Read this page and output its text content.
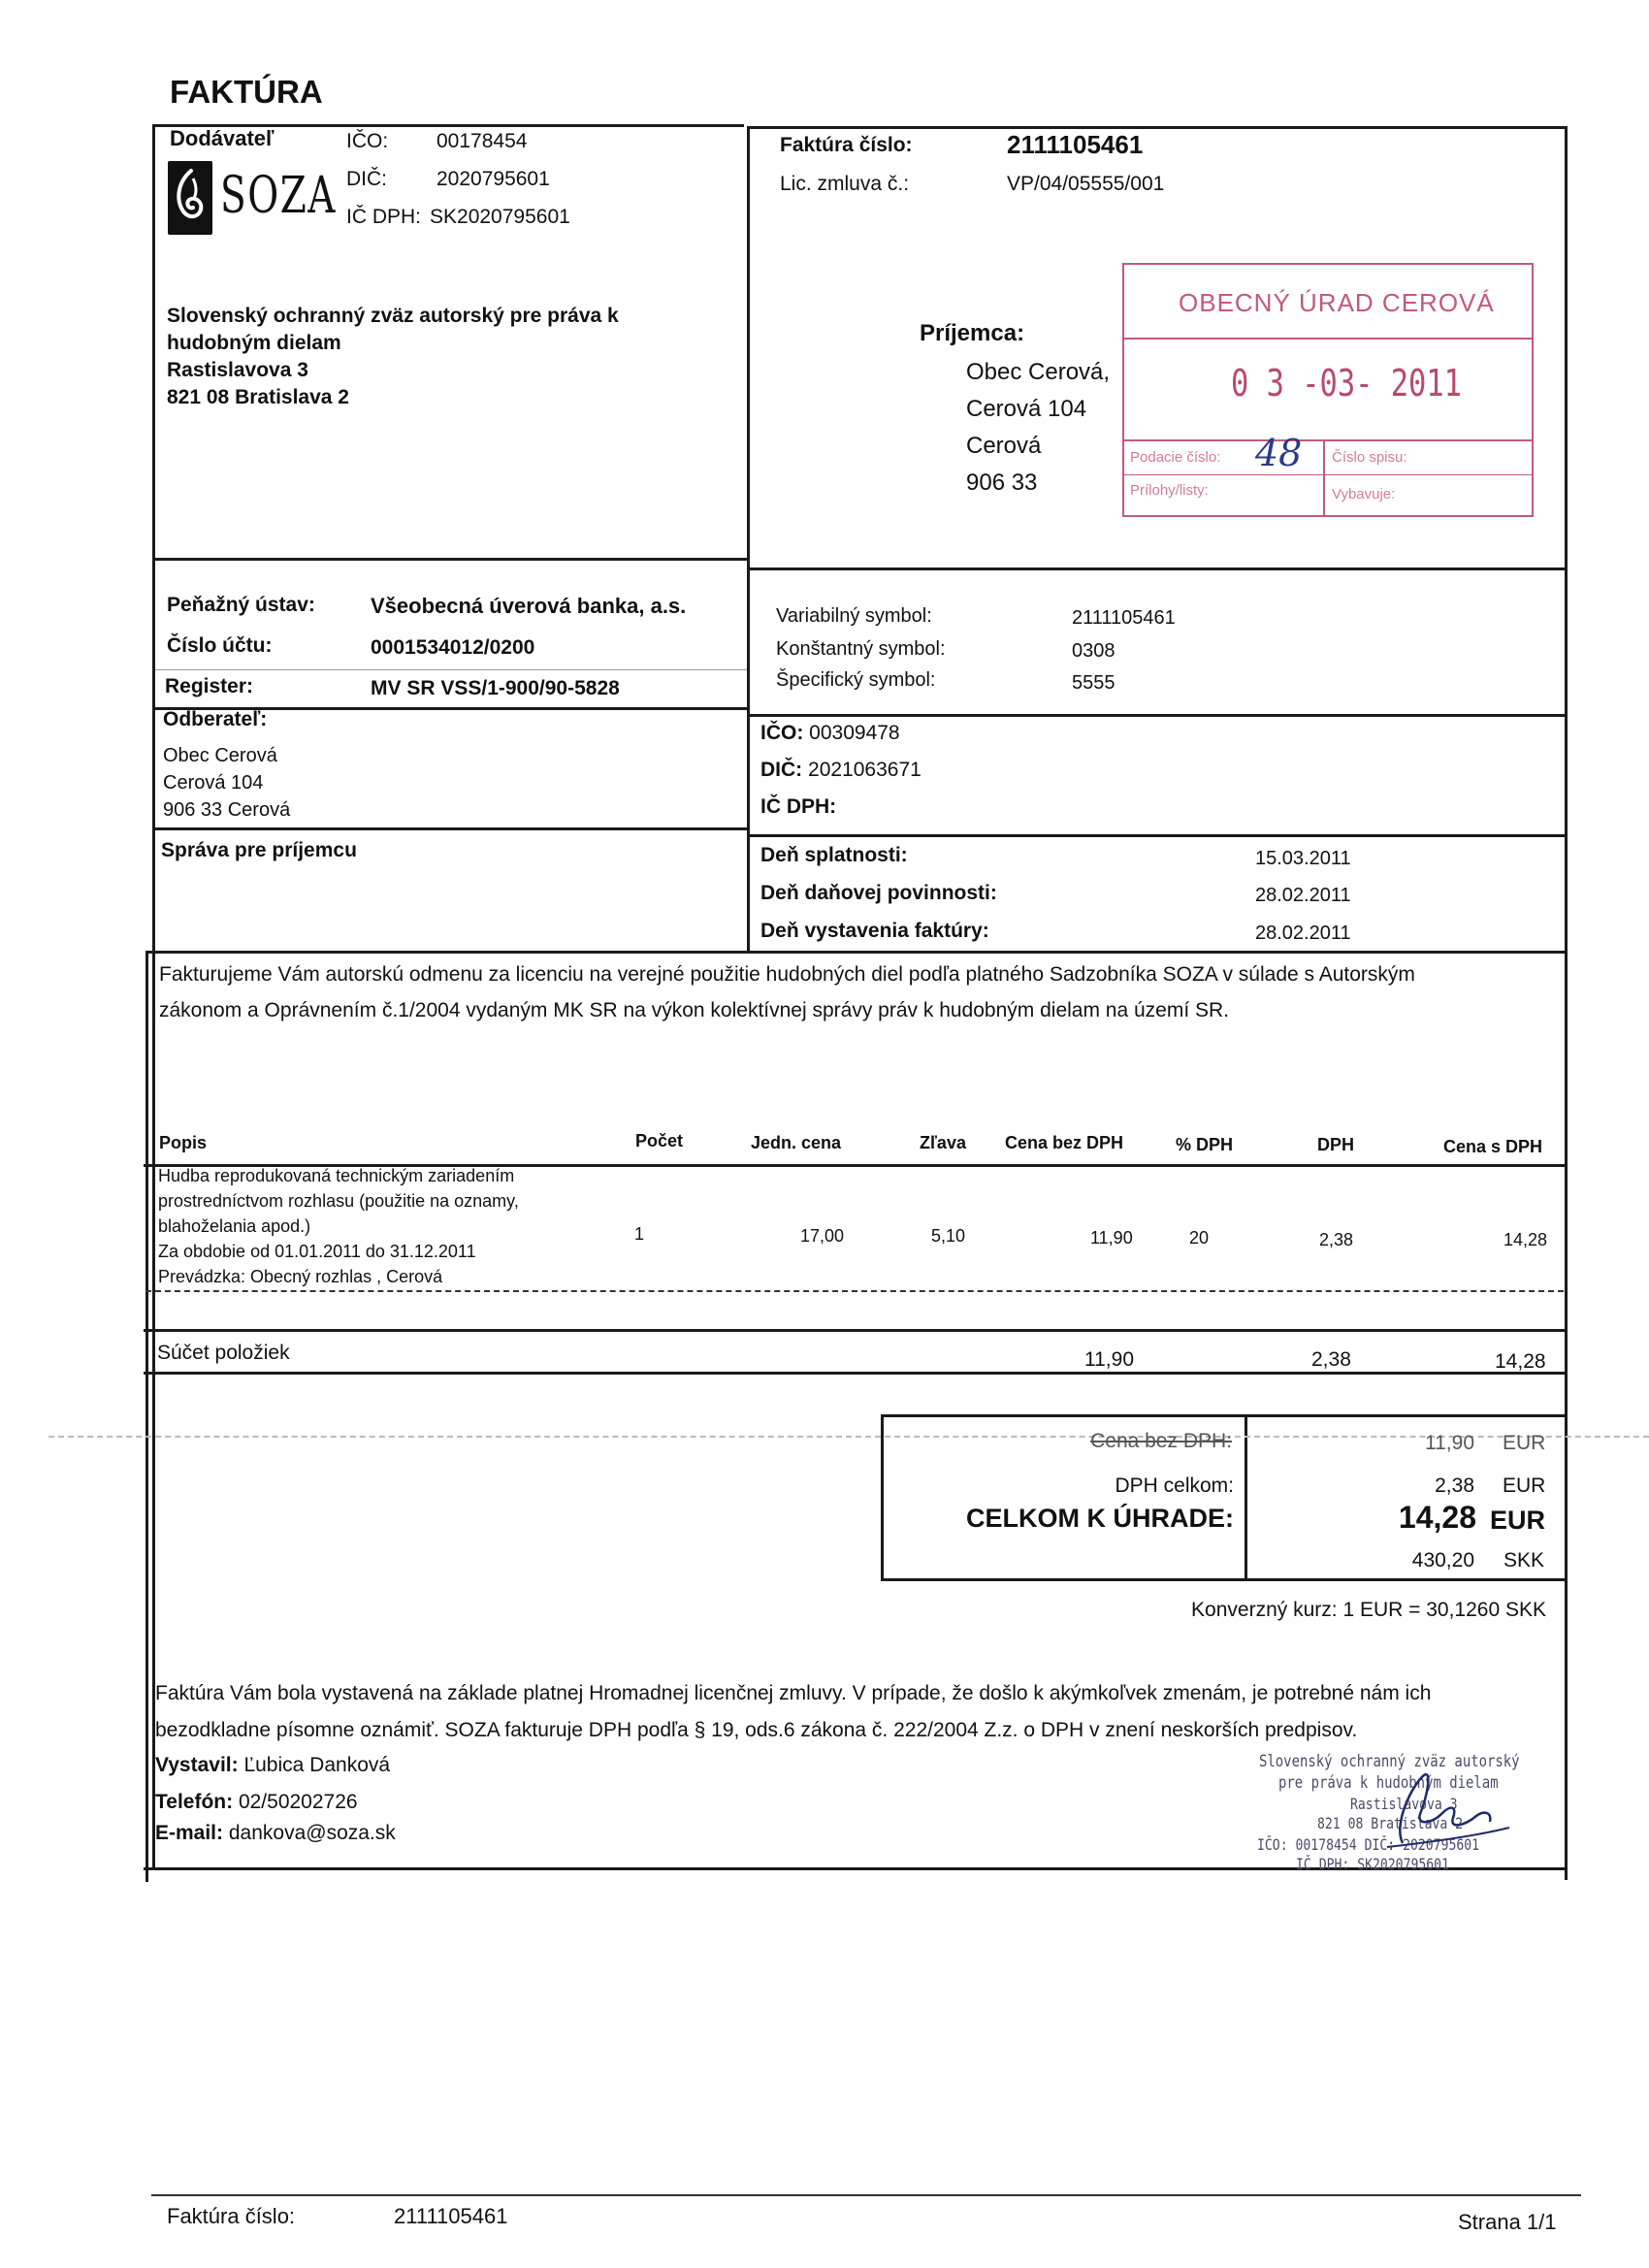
FAKTÚRA
Dodávateľ
SOZA
IČO: 00178454
DIČ: 2020795601
IČ DPH: SK2020795601
Slovenský ochranný zväz autorský pre práva k
hudobným dielam
Rastislavova 3
821 08 Bratislava 2
Faktúra číslo:	2111105461
Lic. zmluva č.:	VP/04/05555/001
Príjemca:
Obec Cerová,
Cerová 104
Cerová
906 33
OBECNÝ ÚRAD CEROVÁ
0 3 -03- 2011
Podacie číslo: 48 Číslo spisu:
Prílohy/listy:	Vybavuje:
Peňažný ústav:	Všeobecná úverová banka, a.s.
Číslo účtu:	0001534012/0200
Register:	MV SR VSS/1-900/90-5828
Variabilný symbol:	2111105461
Konštantný symbol:	0308
Špecifický symbol:	5555
Odberateľ:
Obec Cerová
Cerová 104
906 33 Cerová
IČO: 00309478
DIČ: 2021063671
IČ DPH:
Správa pre príjemcu	Deň splatnosti:	15.03.2011
Deň daňovej povinnosti:	28.02.2011
Deň vystavenia faktúry:	28.02.2011
Fakturujeme Vám autorskú odmenu za licenciu na verejné použitie hudobných diel podľa platného Sadzobníka SOZA v súlade s Autorským
zákonom a Oprávnením č.1/2004 vydaným MK SR na výkon kolektívnej správy práv k hudobným dielam na území SR.
Popis	Počet	Jedn. cena	Zľava Cena bez DPH	% DPH	DPH	Cena s DPH
Hudba reprodukovaná technickým zariadením
prostredníctvom rozhlasu (použitie na oznamy,
blahoželania apod.)
Za obdobie od 01.01.2011 do 31.12.2011
Prevádzka: Obecný rozhlas , Cerová
1	17,00	5,10	11,90	20	2,38	14,28
Súčet položiek	11,90	2,38	14,28
Cena bez DPH:	11,90 EUR
DPH celkom:	2,38 EUR
CELKOM K ÚHRADE:	14,28 EUR
430,20 SKK
Konverzný kurz: 1 EUR = 30,1260 SKK
Faktúra Vám bola vystavená na základe platnej Hromadnej licenčnej zmluvy. V prípade, že došlo k akýmkoľvek zmenám, je potrebné nám ich
bezodkladne písomne oznámiť. SOZA fakturuje DPH podľa § 19, ods.6 zákona č. 222/2004 Z.z. o DPH v znení neskorších predpisov.
Vystavil: Ľubica Danková
Telefón: 02/50202726
E-mail: dankova@soza.sk
Slovenský ochranný zväz autorský
pre práva k hudobným dielam
Rastislavova 3
821 08 Bratislava 2
IČO: 00178454 DIČ: 2020795601
IČ DPH: SK2020795601
Faktúra číslo:	2111105461	Strana 1/1
